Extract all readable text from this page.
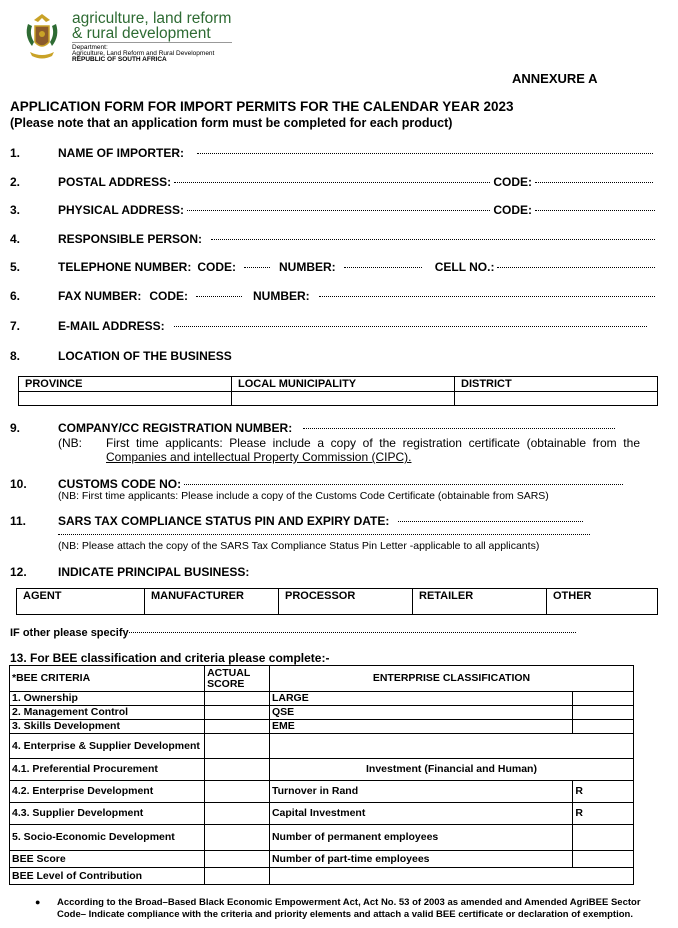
agriculture, land reform
& rural development
Department:
Agriculture, Land Reform and Rural Development
REPUBLIC OF SOUTH AFRICA
ANNEXURE A
APPLICATION FORM FOR IMPORT PERMITS FOR THE CALENDAR YEAR 2023
(Please note that an application form must be completed for each product)
1.	NAME OF IMPORTER:
2.	POSTAL ADDRESS:	CODE:
3.	PHYSICAL ADDRESS:	CODE:
4.	RESPONSIBLE PERSON:
5.	TELEPHONE NUMBER: CODE:	NUMBER:	CELL NO.:
6.	FAX NUMBER: CODE:	NUMBER:
7.	E-MAIL ADDRESS:
8.	LOCATION OF THE BUSINESS
PROVINCE	LOCAL MUNICIPALITY	DISTRICT

9.	COMPANY/CC REGISTRATION NUMBER:
(NB: First time applicants: Please include a copy of the registration certificate (obtainable from the
Companies and intellectual Property Commission (CIPC).
10.	CUSTOMS CODE NO:
(NB: First time applicants: Please include a copy of the Customs Code Certificate (obtainable from SARS)
11.	SARS TAX COMPLIANCE STATUS PIN AND EXPIRY DATE:
(NB: Please attach the copy of the SARS Tax Compliance Status Pin Letter -applicable to all applicants)
12.	INDICATE PRINCIPAL BUSINESS:
AGENT	MANUFACTURER	PROCESSOR	RETAILER	OTHER
IF other please specify
13. For BEE classification and criteria please complete:-
*BEE CRITERIA	ACTUAL SCORE	ENTERPRISE CLASSIFICATION	
1. Ownership		LARGE	
2. Management Control		QSE	
3. Skills Development		EME	
4. Enterprise & Supplier Development			
4.1. Preferential Procurement		Investment (Financial and Human)	
4.2. Enterprise Development		Turnover in Rand	R
4.3. Supplier Development		Capital Investment	R
5. Socio-Economic Development		Number of permanent employees	
BEE Score		Number of part-time employees	
BEE Level of Contribution			
● According to the Broad–Based Black Economic Empowerment Act, Act No. 53 of 2003 as amended and Amended AgriBEE Sector Code– Indicate compliance with the criteria and priority elements and attach a valid BEE certificate or declaration of exemption.
